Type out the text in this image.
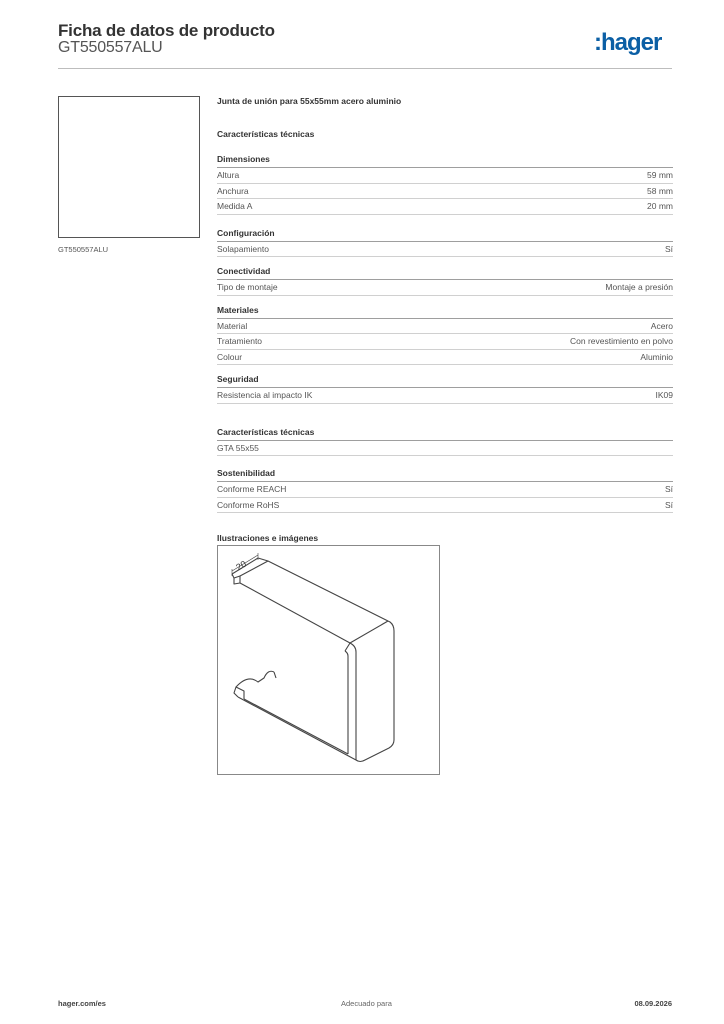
Ficha de datos de producto
GT550557ALU	:hager
GT550557ALU
Junta de unión para 55x55mm acero aluminio
Características técnicas
Dimensiones
Altura	59 mm
Anchura	58 mm
Medida A	20 mm
Configuración
Solapamiento	Sí
Conectividad
Tipo de montaje	Montaje a presión
Materiales
Material	Acero
Tratamiento	Con revestimiento en polvo
Colour	Aluminio
Seguridad
Resistencia al impacto IK	IK09
Características técnicas
GTA 55x55
Sostenibilidad
Conforme REACH	Sí
Conforme RoHS	Sí
Ilustraciones e imágenes
20
hager.com/es	Adecuado para	08.09.2026
